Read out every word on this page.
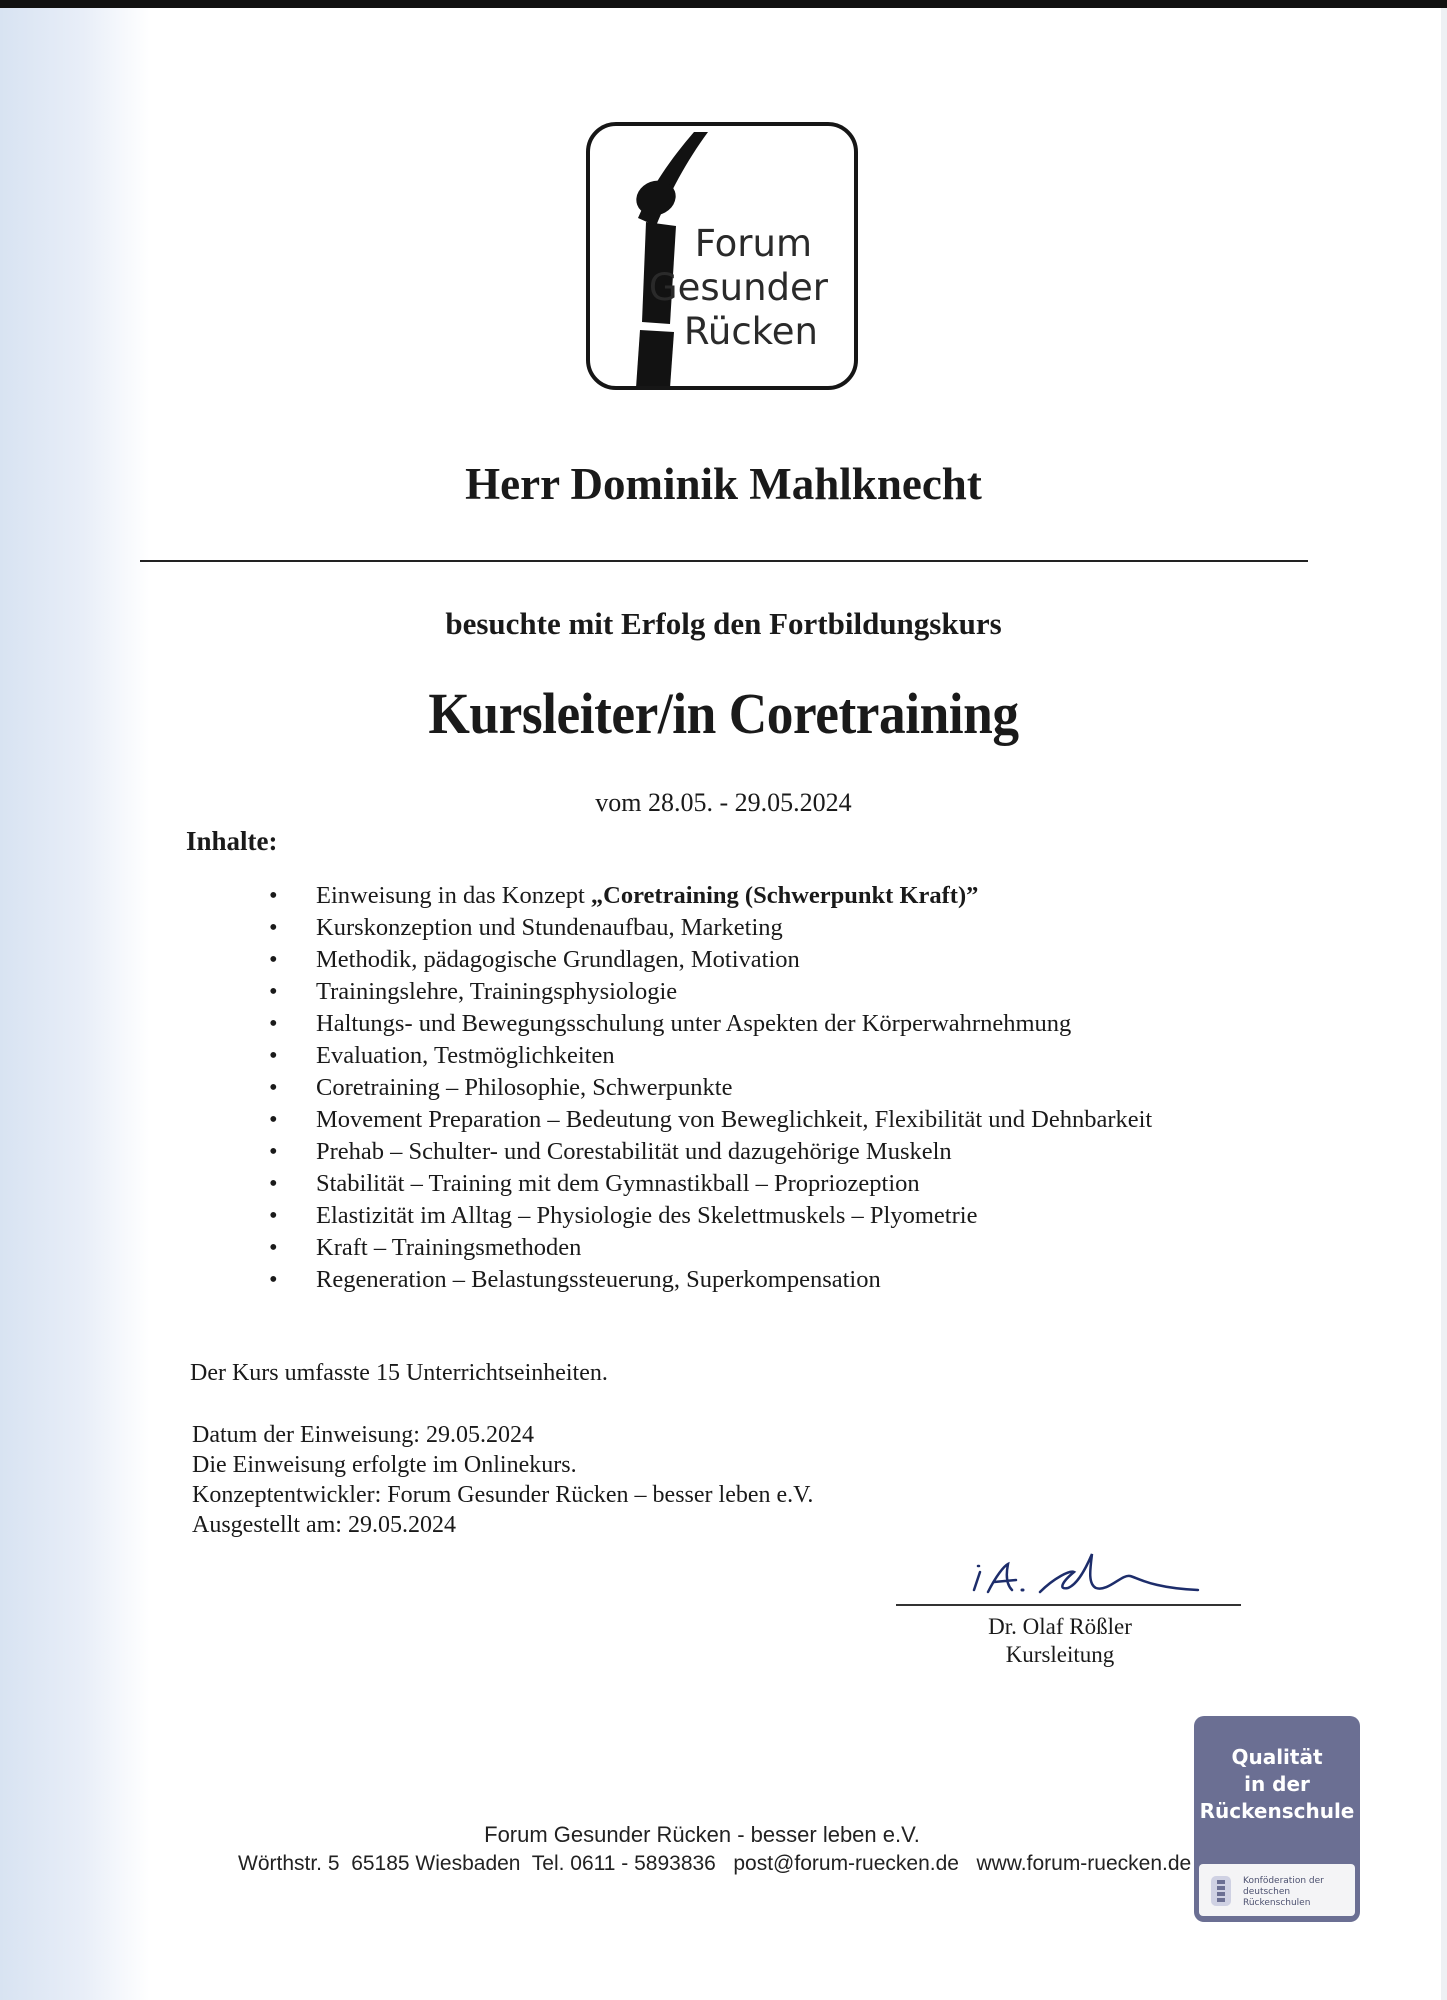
Forum
Gesunder
Rücken
Herr Dominik Mahlknecht
besuchte mit Erfolg den Fortbildungskurs
Kursleiter/in Coretraining
vom 28.05. - 29.05.2024
Inhalte:
•	Einweisung in das Konzept „Coretraining (Schwerpunkt Kraft)”
•	Kurskonzeption und Stundenaufbau, Marketing
•	Methodik, pädagogische Grundlagen, Motivation
•	Trainingslehre, Trainingsphysiologie
•	Haltungs- und Bewegungsschulung unter Aspekten der Körperwahrnehmung
•	Evaluation, Testmöglichkeiten
•	Coretraining – Philosophie, Schwerpunkte
•	Movement Preparation – Bedeutung von Beweglichkeit, Flexibilität und Dehnbarkeit
•	Prehab – Schulter- und Corestabilität und dazugehörige Muskeln
•	Stabilität – Training mit dem Gymnastikball – Propriozeption
•	Elastizität im Alltag – Physiologie des Skelettmuskels – Plyometrie
•	Kraft – Trainingsmethoden
•	Regeneration – Belastungssteuerung, Superkompensation
Der Kurs umfasste 15 Unterrichtseinheiten.
Datum der Einweisung: 29.05.2024
Die Einweisung erfolgte im Onlinekurs.
Konzeptentwickler: Forum Gesunder Rücken – besser leben e.V.
Ausgestellt am: 29.05.2024
Dr. Olaf Rößler
Kursleitung
Forum Gesunder Rücken - besser leben e.V.
Wörthstr. 5  65185 Wiesbaden  Tel. 0611 - 5893836   post@forum-ruecken.de   www.forum-ruecken.de
Qualität
in der
Rückenschule
Konföderation der
deutschen Rückenschulen
